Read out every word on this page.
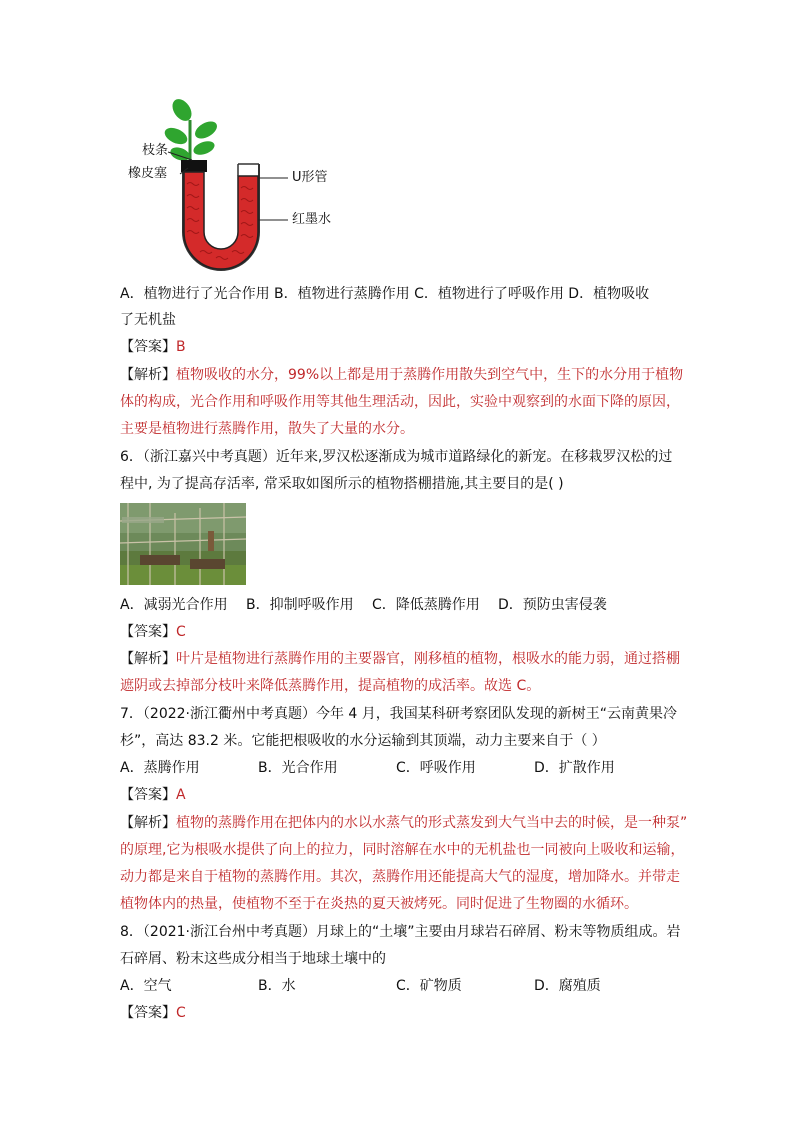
枝条
橡皮塞	U形管
红墨水
A．植物进行了光合作用 B．植物进行蒸腾作用 C．植物进行了呼吸作用 D．植物吸收
了无机盐
【答案】B
【解析】植物吸收的水分，99%以上都是用于蒸腾作用散失到空气中，生下的水分用于植物
体的构成，光合作用和呼吸作用等其他生理活动，因此，实验中观察到的水面下降的原因，
主要是植物进行蒸腾作用，散失了大量的水分。
6．（浙江嘉兴中考真题）近年来,罗汉松逐渐成为城市道路绿化的新宠。在移栽罗汉松的过
程中, 为了提高存活率, 常采取如图所示的植物搭棚措施,其主要目的是( )
A．减弱光合作用 B．抑制呼吸作用 C．降低蒸腾作用 D．预防虫害侵袭
【答案】C
【解析】叶片是植物进行蒸腾作用的主要器官，刚移植的植物，根吸水的能力弱，通过搭棚
遮阴或去掉部分枝叶来降低蒸腾作用，提高植物的成活率。故选 C。
7．（2022·浙江衢州中考真题）今年 4 月，我国某科研考察团队发现的新树王“云南黄果冷
杉”，高达 83.2 米。它能把根吸收的水分运输到其顶端，动力主要来自于（ ）
A．蒸腾作用	B．光合作用	C．呼吸作用	D．扩散作用
【答案】A
【解析】植物的蒸腾作用在把体内的水以水蒸气的形式蒸发到大气当中去的时候，是一种泵”
的原理,它为根吸水提供了向上的拉力，同时溶解在水中的无机盐也一同被向上吸收和运输，
动力都是来自于植物的蒸腾作用。其次，蒸腾作用还能提高大气的湿度，增加降水。并带走
植物体内的热量，使植物不至于在炎热的夏天被烤死。同时促进了生物圈的水循环。
8．（2021·浙江台州中考真题）月球上的“土壤”主要由月球岩石碎屑、粉末等物质组成。岩
石碎屑、粉末这些成分相当于地球土壤中的
A．空气	B．水	C．矿物质	D．腐殖质
【答案】C
